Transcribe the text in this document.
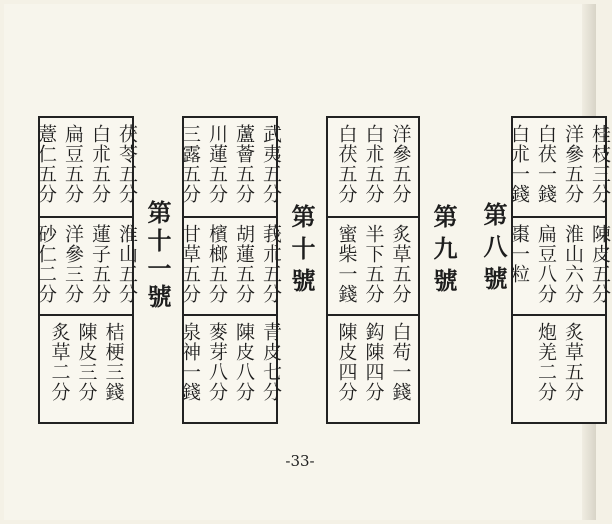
第八號
桂枝三分
洋參五分
白茯一錢
白朮一錢
陳皮五分
淮山六分
扁豆八分
棗一粒
炙草五分
炮羌二分
洋參五分
白朮五分
白茯五分
炙草五分
半下五分
蜜柴一錢
白苟一錢
鈎陳四分
陳皮四分
第九號
武夷五分
蘆薈五分
川蓮五分
三露五分
莪朮五分
胡蓮五分
檳榔五分
甘草五分
青皮七分
陳皮八分
麥芽八分
泉神一錢
第十號
茯苓五分
白朮五分
扁豆五分
薏仁五分
淮山五分
蓮子五分
洋參三分
砂仁二分
桔梗三錢
陳皮三分
炙草二分
第十一號
-33-
